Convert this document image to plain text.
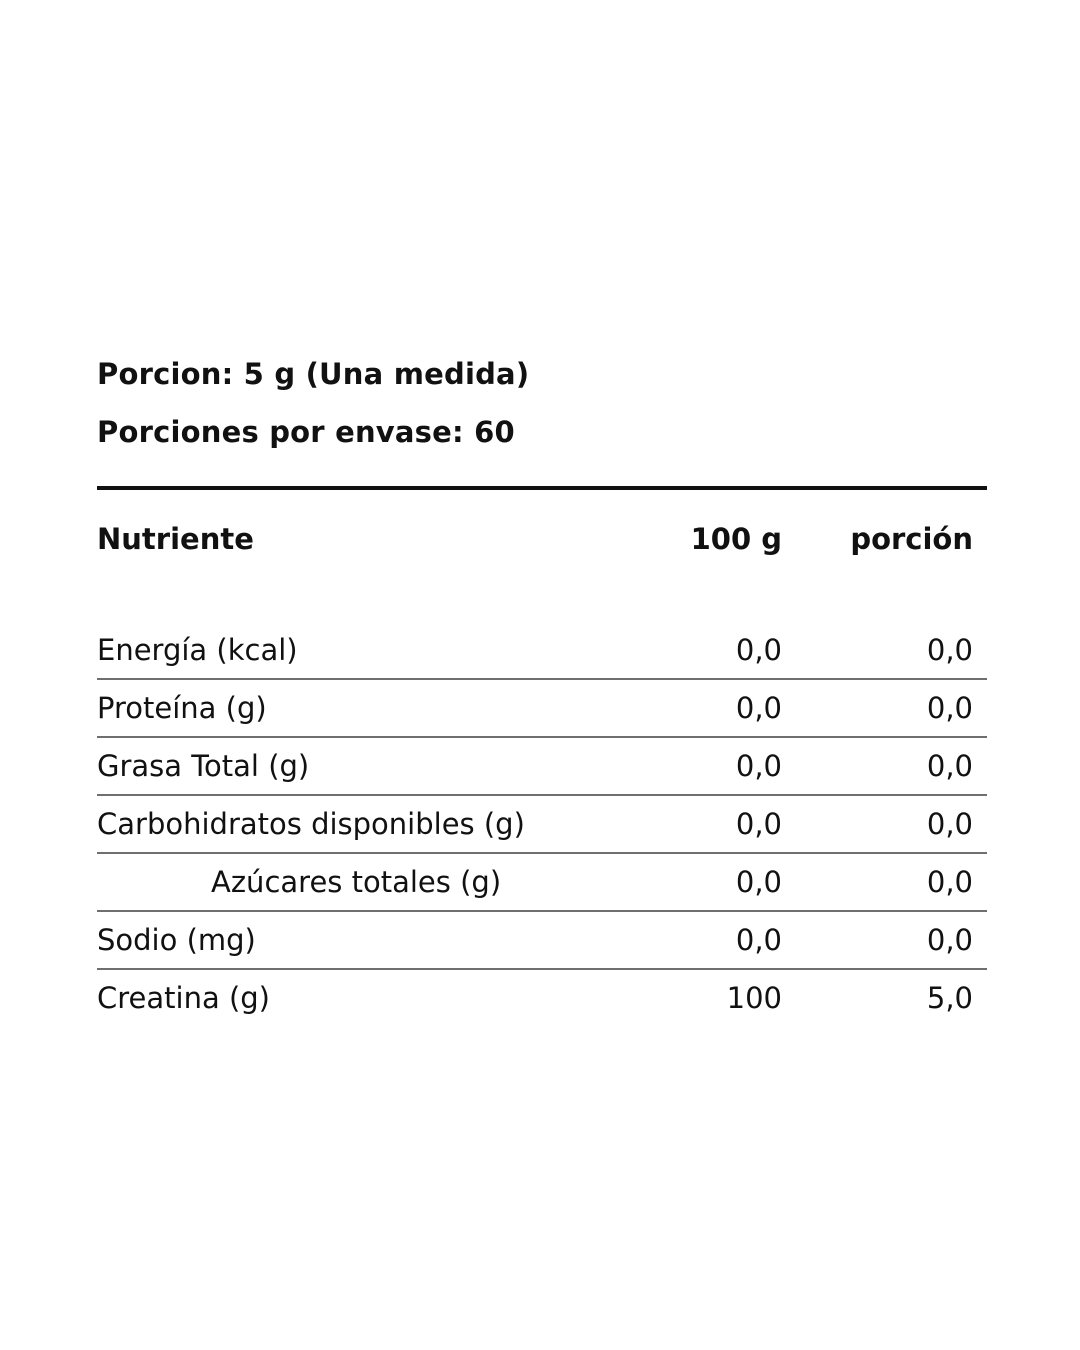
Porcion: 5 g (Una medida)

Porciones por envase: 60

Nutriente	100 g	porción

Energía (kcal)	0,0	0,0
Proteína (g)	0,0	0,0
Grasa Total (g)	0,0	0,0
Carbohidratos disponibles (g)	0,0	0,0
Azúcares totales (g)	0,0	0,0
Sodio (mg)	0,0	0,0
Creatina (g)	100	5,0
